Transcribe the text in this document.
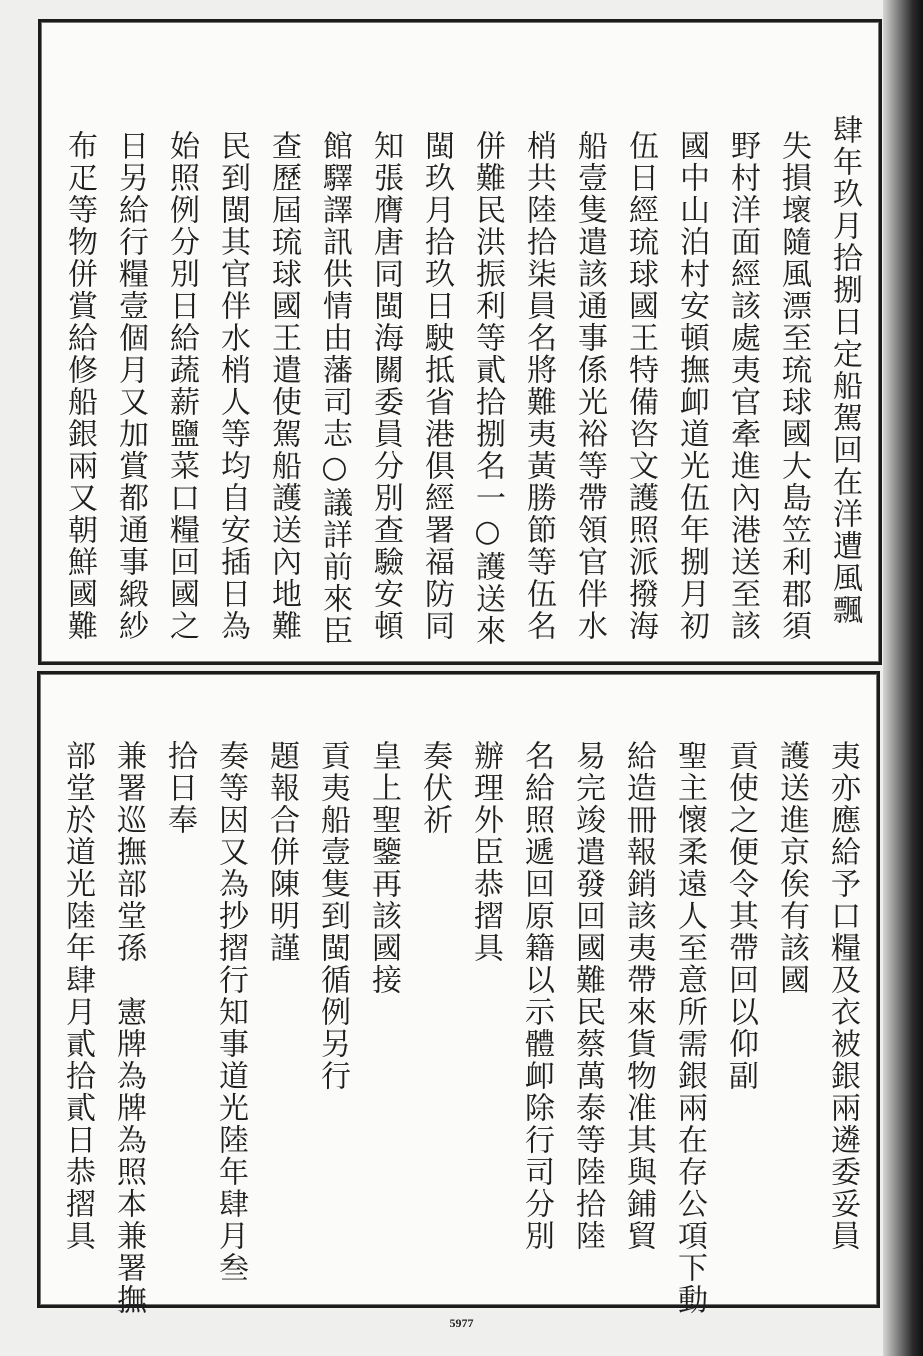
肆年玖月拾捌日定船駕回在洋遭風飄
失損壞隨風漂至琉球國大島笠利郡須
野村洋面經該處夷官牽進內港送至該
國中山泊村安頓撫卹道光伍年捌月初
伍日經琉球國王特備咨文護照派撥海
船壹隻遣該通事係光裕等帶領官伴水
梢共陸拾柒員名將難夷黃勝節等伍名
併難民洪振利等貳拾捌名一○護送來
閩玖月拾玖日駛抵省港俱經署福防同
知張膺唐同閩海關委員分別查驗安頓
館驛譯訊供情由藩司志○議詳前來臣
查歷屆琉球國王遣使駕船護送內地難
民到閩其官伴水梢人等均自安插日為
始照例分別日給蔬薪鹽菜口糧回國之
日另給行糧壹個月又加賞都通事緞紗
布疋等物併賞給修船銀兩又朝鮮國難
夷亦應給予口糧及衣被銀兩遴委妥員
護送進京俟有該國
貢使之便令其帶回以仰副
聖主懷柔遠人至意所需銀兩在存公項下動
給造冊報銷該夷帶來貨物准其與鋪貿
易完竣遣發回國難民蔡萬泰等陸拾陸
名給照遞回原籍以示體卹除行司分別
辦理外臣恭摺具
奏伏祈
皇上聖鑒再該國接
貢夷船壹隻到閩循例另行
題報合併陳明謹
奏等因又為抄摺行知事道光陸年肆月叁
拾日奉
兼署巡撫部堂孫　憲牌為牌為照本兼署撫
部堂於道光陸年肆月貳拾貳日恭摺具
5977
